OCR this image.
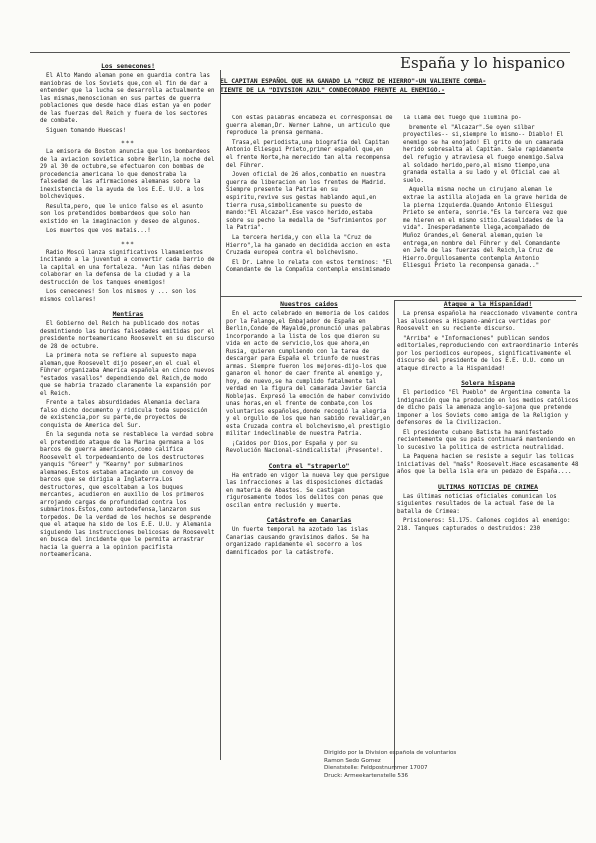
España y lo hispanico
EL CAPITAN ESPAÑOL QUE HA GANADO LA "CRUZ DE HIERRO"-UN VALIENTE COMBA-
TIENTE DE LA "DIVISION AZUL" CONDECORADO FRENTE AL ENEMIGO.-

Con estas palabras encabeza el corresponsal de guerra aleman,Dr. Werner Lahne, un articulo que reproduce la prensa germana.

Trasa,el periodista,una biografia del Capitan Antonio Eliesgui Prieto,primer español que,en el frente Norte,ha merecido tan alta recompensa del Führer.

Joven oficial de 26 años,combatio en nuestra guerra de liberacion en los frentes de Madrid. Siempre presente la Patria en su espiritu,revive sus gestas hablando aqui,en tierra rusa,simbolicamente su puesto de mando:"El Alcazar".Ese vasco herido,estaba sobre su pecho la medalla de "Sufrimientos por la Patria".

La tercera herida,y con ella la "Cruz de Hierro",la ha ganado en decidida accion en esta Cruzada europea contra el bolchevismo.

El Dr. Lahne lo relata con estos terminos: "El Comandante de la Compañia contempla ensimismado la llama del fuego que ilumina po-

bremente el "Alcazar".Se oyen silbar proyectiles-- si,siempre lo mismo-- Diablo! El enemigo se ha enojado! El grito de un camarada herido sobresalta al Capitan. Sale rapidamente del refugio y atraviesa el fuego enemigo.Salva al soldado herido,pero,al mismo tiempo,una granada estalla a su lado y el Oficial cae al suelo.

Aquella misma noche un cirujano aleman le extrae la astilla alojada en la grave herida de la pierna izquierda.Quando Antonio Eliesgui Prieto se entera, sonrie."Es la tercera vez que me hieren en el mismo sitio.Casualidades de la vida". Inesperadamente llega,acompañado de Muñoz Grandes,el General aleman,quien le entrega,en nombre del Führer y del Comandante en Jefe de las fuerzas del Reich,la Cruz de Hierro.Orgullosamente contempla Antonio Eliesgui Prieto la recompensa ganada.."

Los senecones!

El Alto Mando aleman pone en guardia contra las maniobras de los Soviets que,con el fin de dar a entender que la lucha se desarrolla actualmente en las mismas,menoscionan en sus partes de guerra poblaciones que desde hace dias estan ya en poder de las fuerzas del Reich y fuera de los sectores de combate.

Siguen tomando Huescas!

***

La emisora de Boston anuncia que los bombardeos de la aviacion sovietica sobre Berlin,la noche del 29 al 30 de octubre,se efectuaron con bombas de procedencia americana lo que demostraba la falsedad de las afirmaciones alemanas sobre la inexistencia de la ayuda de los E.E. U.U. a los bolcheviques.

Resulta,pero, que le unico falso es el asunto son los pretendidos bombardeos que solo han existido en la imaginacion y deseo de algunos.

Los muertos que vos matais...!

***

Radio Moscú lanza significativos llamamientos incitando a la juventud a convertir cada barrio de la capital en una fortaleza. "Aun las niñas deben colaborar en la defensa de la ciudad y a la destrucción de los tanques enemigos!

Los cenecenes! Son los mismos y ... son los mismos collares!

Mentiras

El Gobierno del Reich ha publicado dos notas desmintiendo las burdas falsedades emitidas por el presidente norteamericano Roosevelt en su discurso de 28 de octubre.

La primera nota se refiere al supuesto mapa aleman,que Roosevelt dijo poseer,en el cual el Führer organizaba America española en cinco nuevos "estados vasallos" dependiendo del Reich,de modo que se habria trazado claramente la expansión por el Reich.

Frente a tales absurdidades Alemania declara falso dicho documento y ridicula toda suposición de existencia,por su parte,de proyectos de conquista de America del Sur.

En la segunda nota se restablece la verdad sobre el pretendido ataque de la Marina germana a los barcos de guerra americanos,como califica Roosevelt el torpedeamiento de los destructores yanquis "Greer" y "Kearny" por submarinos alemanes.Estos estaban atacando un convoy de barcos que se dirigia a Inglaterra.Los destructores, que escoltaban a los buques mercantes, acudieron en auxilio de los primeros arrojando cargas de profundidad contra los submarinos.Estos,como autodefensa,lanzaron sus torpedos. De la verdad de los hechos se desprende que el ataque ha sido de los E.E. U.U. y Alemania siguiendo las instrucciones belicosas de Roosevelt en busca del incidente que le permita arrastrar hacia la guerra a la opinion pacifista norteamericana.

Nuestros caidos

En el acto celebrado en memoria de los caidos por la Falange,el Embajador de España en Berlin,Conde de Mayalde,pronunció unas palabras incorporando a la lista de los que dieron su vida en acto de servicio,los que ahora,en Rusia, quieren cumpliendo con la tarea de descargar para España el triunfo de nuestras armas. Siempre fueron los mejores-dijo-los que ganaron el honor de caer frente al enemigo y, hoy, de nuevo,se ha cumplido fatalmente tal verdad en la figura del camarada Javier Garcia Noblejas. Expresó la emoción de haber convivido unas horas,en el frente de combate,con los voluntarios españoles,donde recogió la alegria y el orgullo de los que han sabido revalidar,en esta Cruzada contra el bolchevismo,el prestigio militar indeclinable de nuestra Patria.

¡Caidos por Dios,por España y por su Revolución Nacional-sindicalista! ¡Presente!.

Contra el "straperlo"

Ha entrado en vigor la nueva ley que persigue las infracciones a las disposiciones dictadas en materia de Abastos. Se castigan rigurosamente todos los delitos con penas que oscilan entre reclusión y muerte.

Catástrofe en Canarias

Un fuerte temporal ha azotado las islas Canarias causando gravisimos daños. Se ha organizado rapidamente el socorro a los damnificados por la catástrofe.

Ataque a la Hispanidad!

La prensa española ha reaccionado vivamente contra las alusiones a Hispano-américa vertidas por Roosevelt en su reciente discurso.

"Arriba" e "Informaciones" publican sendos editoriales,reproduciendo con extraordinario interés por los periodicos europeos, significativamente el discurso del presidente de los E.E. U.U. como un ataque directo a la Hispanidad!

Solera hispana

El periodico "El Pueblo" de Argentina comenta la indignación que ha producido en los medios católicos de dicho pais la amenaza anglo-sajona que pretende imponer a los Soviets como amiga de la Religion y defensores de la Civilizacion.

El presidente cubano Batista ha manifestado recientemente que su pais continuará manteniendo en lo sucesivo la politica de estricta neutralidad.

La Paquena hacien se resiste a seguir las tolicas iniciativas del "mašs" Roosevelt.Hace escasamente 48 años que la bella isla era un pedazo de España....

ULTIMAS NOTICIAS DE CRIMEA

Las últimas noticias oficiales comunican los siguientes resultados de la actual fase de la batalla de Crimea:

Prisioneros: 51.175. Cañones cogidos al enemigo: 218. Tanques capturados o destruidos: 230

Dirigido por la Division española de voluntarios
Ramon Sedo Gomez
Dienststelle: Feldpostnummer 17007
Druck: Armeekartenstelle 536
